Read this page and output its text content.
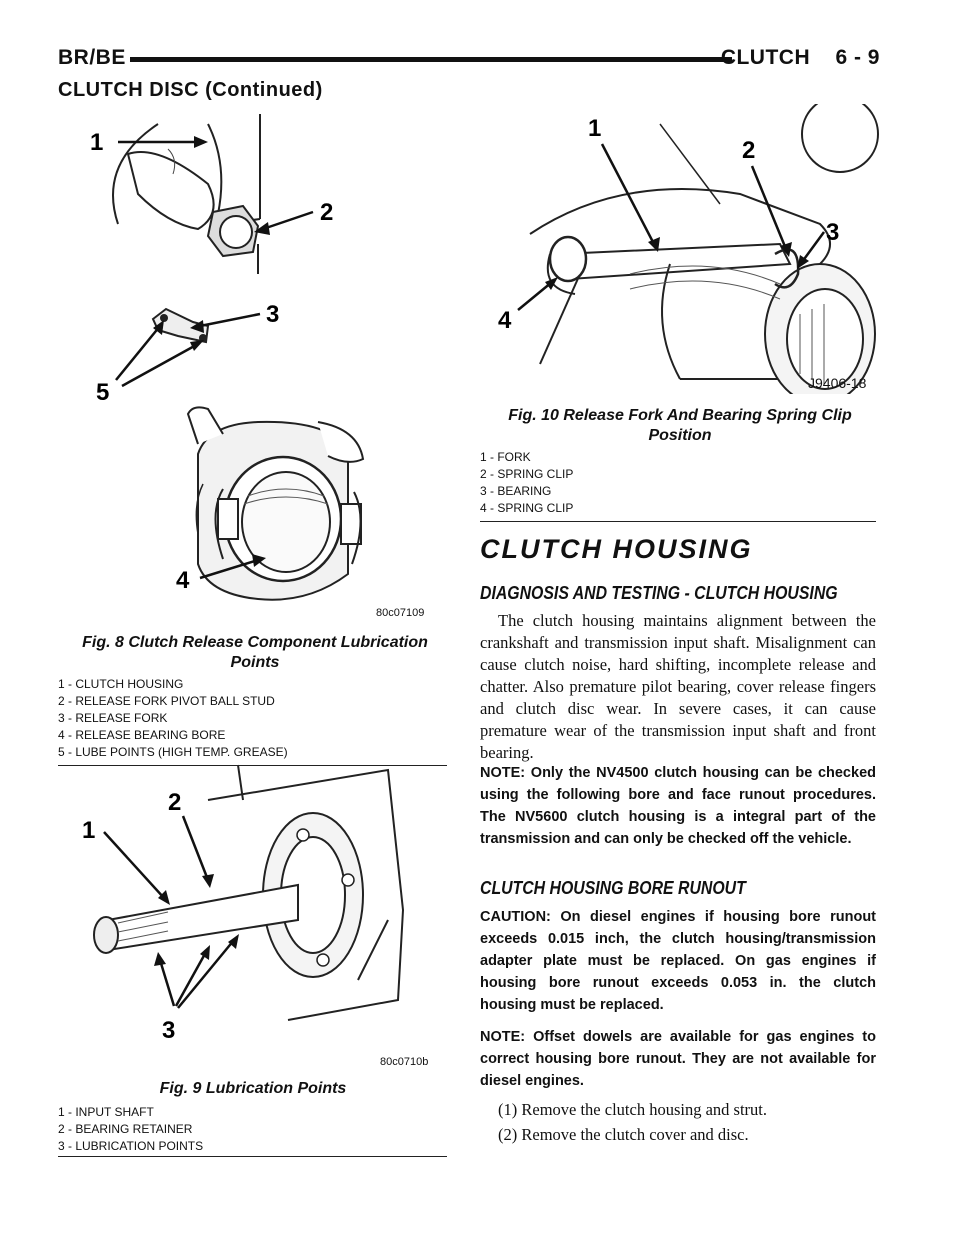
BR/BE	CLUTCH    6 - 9
CLUTCH DISC (Continued)
1
2
3
5
4
80c07109
Fig. 8 Clutch Release Component Lubrication Points
1 - CLUTCH HOUSING
2 - RELEASE FORK PIVOT BALL STUD
3 - RELEASE FORK
4 - RELEASE BEARING BORE
5 - LUBE POINTS (HIGH TEMP. GREASE)
1
2
3
80c0710b
Fig. 9 Lubrication Points
1 - INPUT SHAFT
2 - BEARING RETAINER
3 - LUBRICATION POINTS
1
2
3
4
J9406-18
Fig. 10 Release Fork And Bearing Spring Clip Position
1 - FORK
2 - SPRING CLIP
3 - BEARING
4 - SPRING CLIP
CLUTCH HOUSING
DIAGNOSIS AND TESTING - CLUTCH HOUSING

The clutch housing maintains alignment between the crankshaft and transmission input shaft. Misalignment can cause clutch noise, hard shifting, incomplete release and chatter. Also premature pilot bearing, cover release fingers and clutch disc wear. In severe cases, it can cause premature wear of the transmission input shaft and front bearing.

NOTE: Only the NV4500 clutch housing can be checked using the following bore and face runout procedures. The NV5600 clutch housing is a integral part of the transmission and can only be checked off the vehicle.
CLUTCH HOUSING BORE RUNOUT
CAUTION: On diesel engines if housing bore runout exceeds 0.015 inch, the clutch housing/transmission adapter plate must be replaced. On gas engines if housing bore runout exceeds 0.053 in. the clutch housing must be replaced.
NOTE: Offset dowels are available for gas engines to correct housing bore runout. They are not available for diesel engines.
(1) Remove the clutch housing and strut.
(2) Remove the clutch cover and disc.
